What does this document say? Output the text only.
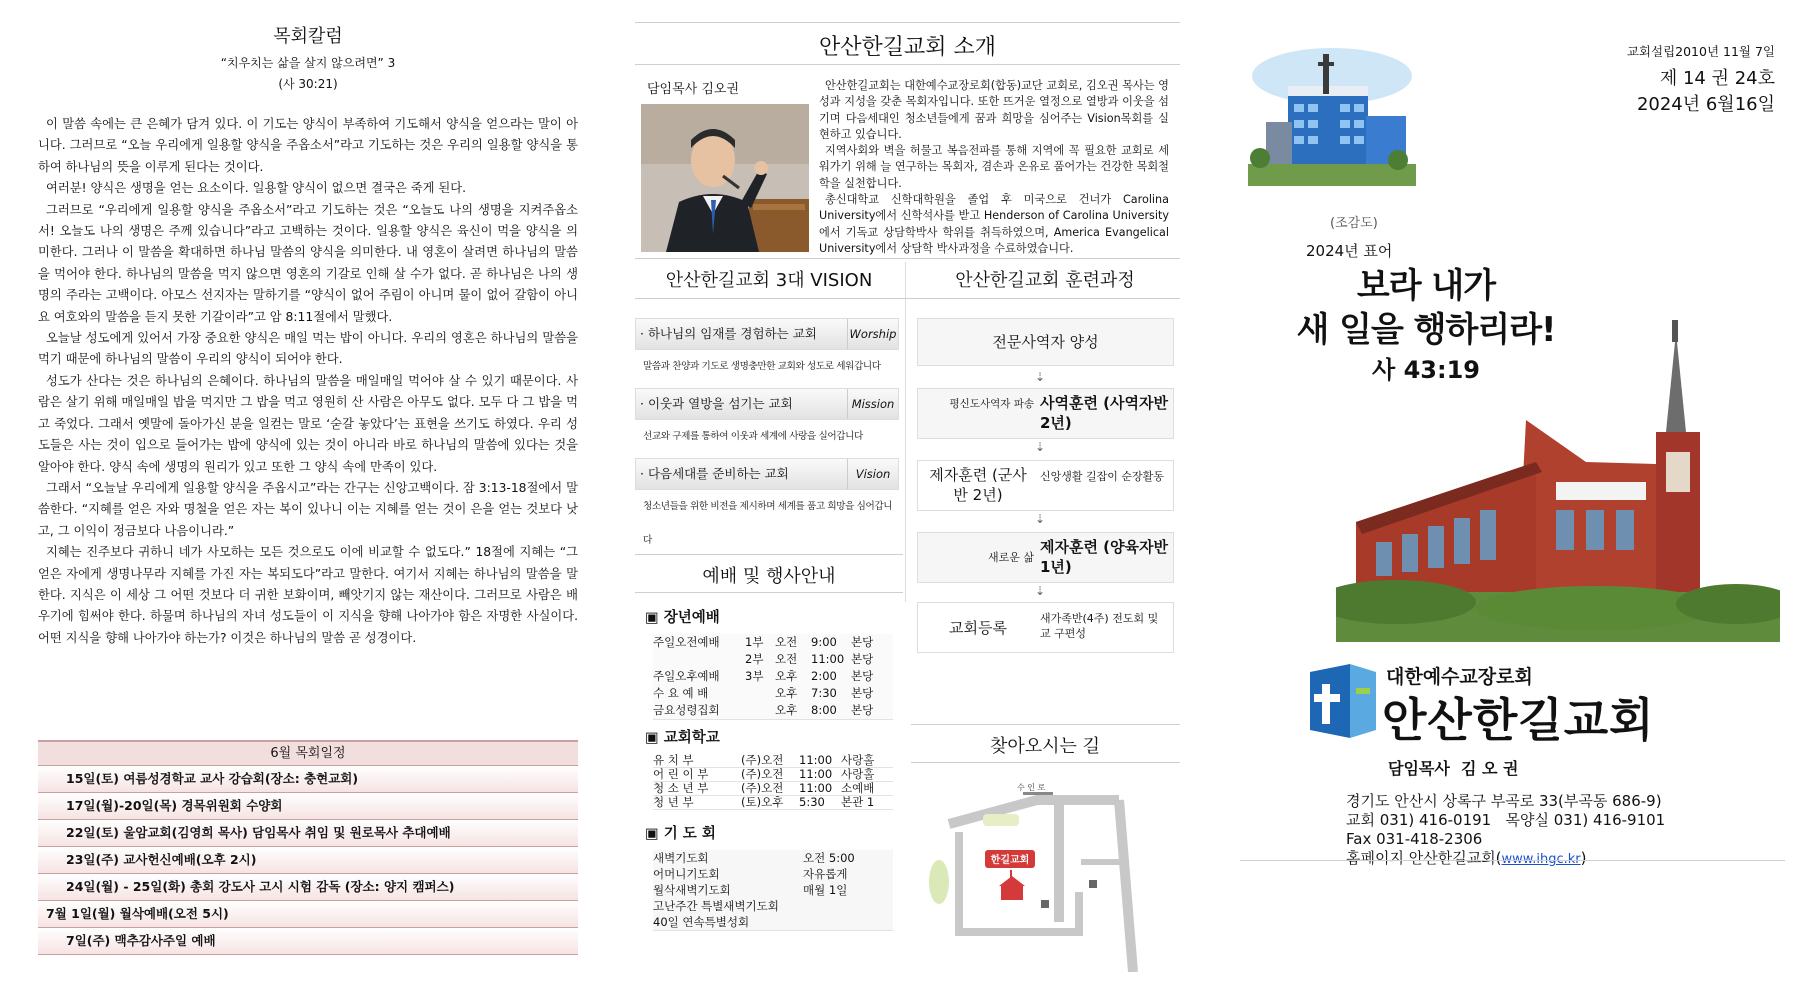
목회칼럼
“치우치는 삶을 살지 않으려면” 3
(사 30:21)

이 말씀 속에는 큰 은혜가 담겨 있다. 이 기도는 양식이 부족하여 기도해서 양식을 얻으라는 말이 아니다. 그러므로 “오늘 우리에게 일용할 양식을 주옵소서”라고 기도하는 것은 우리의 일용할 양식을 통하여 하나님의 뜻을 이루게 된다는 것이다.

여러분! 양식은 생명을 얻는 요소이다. 일용할 양식이 없으면 결국은 죽게 된다.

그러므로 “우리에게 일용할 양식을 주옵소서”라고 기도하는 것은 “오늘도 나의 생명을 지켜주옵소서! 오늘도 나의 생명은 주께 있습니다”라고 고백하는 것이다. 일용할 양식은 육신이 먹을 양식을 의미한다. 그러나 이 말씀을 확대하면 하나님 말씀의 양식을 의미한다. 내 영혼이 살려면 하나님의 말씀을 먹어야 한다. 하나님의 말씀을 먹지 않으면 영혼의 기갈로 인해 살 수가 없다. 곧 하나님은 나의 생명의 주라는 고백이다. 아모스 선지자는 말하기를 “양식이 없어 주림이 아니며 물이 없어 갈함이 아니요 여호와의 말씀을 듣지 못한 기갈이라”고 암 8:11절에서 말했다.

오늘날 성도에게 있어서 가장 중요한 양식은 매일 먹는 밥이 아니다. 우리의 영혼은 하나님의 말씀을 먹기 때문에 하나님의 말씀이 우리의 양식이 되어야 한다.

성도가 산다는 것은 하나님의 은혜이다. 하나님의 말씀을 매일매일 먹어야 살 수 있기 때문이다. 사람은 살기 위해 매일매일 밥을 먹지만 그 밥을 먹고 영원히 산 사람은 아무도 없다. 모두 다 그 밥을 먹고 죽었다. 그래서 옛말에 돌아가신 분을 일컫는 말로 ‘숟갈 놓았다’는 표현을 쓰기도 하였다. 우리 성도들은 사는 것이 입으로 들어가는 밥에 양식에 있는 것이 아니라 바로 하나님의 말씀에 있다는 것을 알아야 한다. 양식 속에 생명의 원리가 있고 또한 그 양식 속에 만족이 있다.

그래서 “오늘날 우리에게 일용할 양식을 주옵시고”라는 간구는 신앙고백이다. 잠 3:13-18절에서 말씀한다. “지혜를 얻은 자와 명철을 얻은 자는 복이 있나니 이는 지혜를 얻는 것이 은을 얻는 것보다 낫고, 그 이익이 정금보다 나음이니라.”

지혜는 진주보다 귀하니 네가 사모하는 모든 것으로도 이에 비교할 수 없도다.” 18절에 지혜는 “그 얻은 자에게 생명나무라 지혜를 가진 자는 복되도다”라고 말한다. 여기서 지혜는 하나님의 말씀을 말한다. 지식은 이 세상 그 어떤 것보다 더 귀한 보화이며, 빼앗기지 않는 재산이다. 그러므로 사람은 배우기에 힘써야 한다. 하물며 하나님의 자녀 성도들이 이 지식을 향해 나아가야 함은 자명한 사실이다. 어떤 지식을 향해 나아가야 하는가? 이것은 하나님의 말씀 곧 성경이다.

6월 목회일정
15일(토) 여름성경학교 교사 강습회(장소: 충현교회)
17일(월)-20일(목) 경목위원회 수양회
22일(토) 울암교회(김영희 목사) 담임목사 취임 및 원로목사 추대예배
23일(주) 교사헌신예배(오후 2시)
24일(월) - 25일(화) 총회 강도사 고시 시험 감독 (장소: 양지 캠퍼스)
7월 1일(월) 월삭예배(오전 5시)
7일(주) 맥추감사주일 예배
안산한길교회 소개
담임목사 김오권	안산한길교회는 대한예수교장로회(합동)교단 교회로, 김오권 목사는 영성과 지성을 갖춘 목회자입니다. 또한 뜨거운 열정으로 열방과 이웃을 섬기며 다음세대인 청소년들에게 꿈과 희망을 심어주는 Vision목회를 실현하고 있습니다.

지역사회와 벽을 허물고 복음전파를 통해 지역에 꼭 필요한 교회로 세워가기 위해 늘 연구하는 목회자, 겸손과 온유로 품어가는 건강한 목회철학을 실천합니다.

총신대학교 신학대학원을 졸업 후 미국으로 건너가 Carolina University에서 신학석사를 받고 Henderson of Carolina University에서 기독교 상담학박사 학위를 취득하였으며, America Evangelical University에서 상담학 박사과정을 수료하였습니다.

안산한길교회 3대 VISION	안산한길교회 훈련과정
· 하나님의 임재를 경험하는 교회	Worship
말씀과 찬양과 기도로 생명충만한 교회와 성도로 세워갑니다
· 이웃과 열방을 섬기는 교회	Mission
선교와 구제를 통하여 이웃과 세계에 사랑을 실어갑니다
· 다음세대를 준비하는 교회	Vision
청소년들을 위한 비전을 제시하며 세계를 품고 희망을 심어갑니다
전문사역자 양성
⇣
평신도사역자 파송 사역훈련 (사역자반 2년)
⇣
제자훈련 (군사반 2년)
신앙생활 길잡이 순장활동
⇣
새로운 삶
제자훈련 (양육자반 1년)
⇣
교회등록
새가족반(4주) 전도회 및 교 구편성
예배 및 행사안내
▣ 장년예배
주일오전예배 1부 오전 9:00 본당
2부 오전 11:00 본당
주일오후예배 3부 오후 2:00 본당
수 요 예 배	오후 7:30 본당
금요성령집회	오후 8:00 본당
▣ 교회학교
유 치 부	(주)오전 11:00 사랑홀
어 린 이 부	(주)오전 11:00 사랑홀
청 소 년 부	(주)오전 11:00 소예배
청 년 부	(토)오후 5:30 본관 1
▣ 기 도 회
새벽기도회	오전 5:00
어머니기도회	자유롭게
월삭새벽기도회	매월 1일
고난주간 특별새벽기도회
40일 연속특별성회
찾아오시는 길
한길교회
수 인 로
교회설립2010년 11월 7일
제 14 권 24호
2024년 6월16일
(조감도)
2024년 표어
보라 내가
새 일을 행하리라!
사 43:19
대한예수교장로회
안산한길교회
담임목사  김 오 권
경기도 안산시 상록구 부곡로 33(부곡동 686-9)
교회 031) 416-0191   목양실 031) 416-9101
Fax 031-418-2306
홈페이지 안산한길교회(www.ihgc.kr)
